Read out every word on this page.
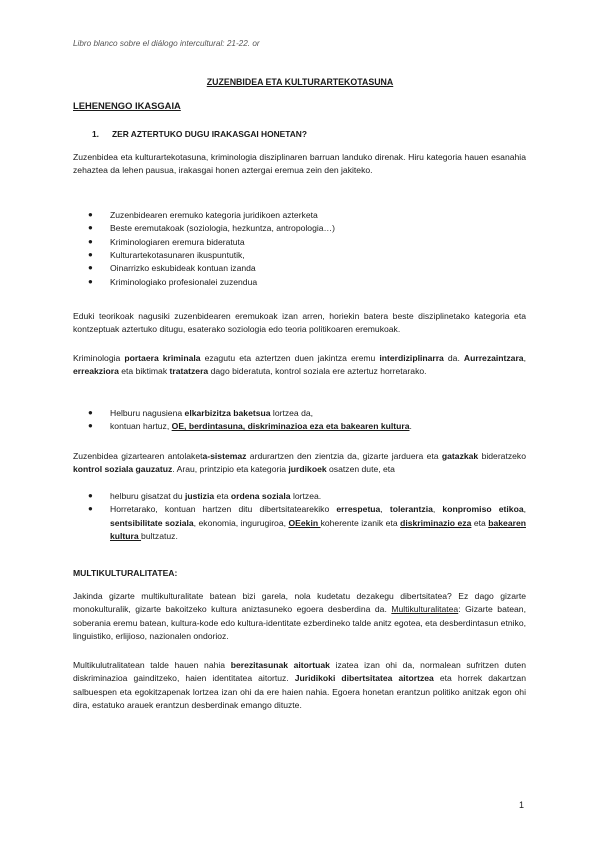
Libro blanco sobre el diálogo intercultural: 21-22. or
ZUZENBIDEA ETA KULTURARTEKOTASUNA
LEHENENGO IKASGAIA
1. ZER AZTERTUKO DUGU IRAKASGAI HONETAN?

Zuzenbidea eta kulturartekotasuna, kriminologia disziplinaren barruan landuko direnak. Hiru kategoria hauen esanahia zehaztea da lehen pausua, irakasgai honen aztergai eremua zein den jakiteko.

● Zuzenbidearen eremuko kategoria juridikoen azterketa
● Beste eremutakoak (soziologia, hezkuntza, antropologia…)
● Kriminologiaren eremura bideratuta
● Kulturartekotasunaren ikuspuntutik,
● Oinarrizko eskubideak kontuan izanda
● Kriminologiako profesionalei zuzendua

Eduki teorikoak nagusiki zuzenbidearen eremukoak izan arren, horiekin batera beste disziplinetako kategoria eta kontzeptuak aztertuko ditugu, esaterako soziologia edo teoria politikoaren eremukoak.

Kriminologia portaera kriminala ezagutu eta aztertzen duen jakintza eremu interdiziplinarra da. Aurrezaintzara, erreakziora eta biktimak tratatzera dago bideratuta, kontrol soziala ere aztertuz horretarako.

● Helburu nagusiena elkarbizitza baketsua lortzea da,
● kontuan hartuz, OE, berdintasuna, diskriminazioa eza eta bakearen kultura.

Zuzenbidea gizartearen antolaketa-sistemaz ardurartzen den zientzia da, gizarte jarduera eta gatazkak bideratzeko kontrol soziala gauzatuz. Arau, printzipio eta kategoria jurdikoek osatzen dute, eta

● helburu gisatzat du justizia eta ordena soziala lortzea.
● Horretarako, kontuan hartzen ditu dibertsitatearekiko errespetua, tolerantzia, konpromiso etikoa, sentsibilitate soziala, ekonomia, ingurugiroa, OEekin koherente izanik eta diskriminazio eza eta bakearen kultura bultzatuz.
MULTIKULTURALITATEA:

Jakinda gizarte multikulturalitate batean bizi garela, nola kudetatu dezakegu dibertsitatea? Ez dago gizarte monokulturalik, gizarte bakoitzeko kultura aniztasuneko egoera desberdina da. Multikulturalitatea: Gizarte batean, soberania eremu batean, kultura-kode edo kultura-identitate ezberdineko talde anitz egotea, eta desberdintasun etniko, linguistiko, erlijioso, nazionalen ondorioz.

Multikulutralitatean talde hauen nahia berezitasunak aitortuak izatea izan ohi da, normalean sufritzen duten diskriminazioa gainditzeko, haien identitatea aitortuz. Juridikoki dibertsitatea aitortzea eta horrek dakartzan salbuespen eta egokitzapenak lortzea izan ohi da ere haien nahia. Egoera honetan erantzun politiko anitzak egon ohi dira, estatuko arauek erantzun desberdinak emango dituzte.

1
